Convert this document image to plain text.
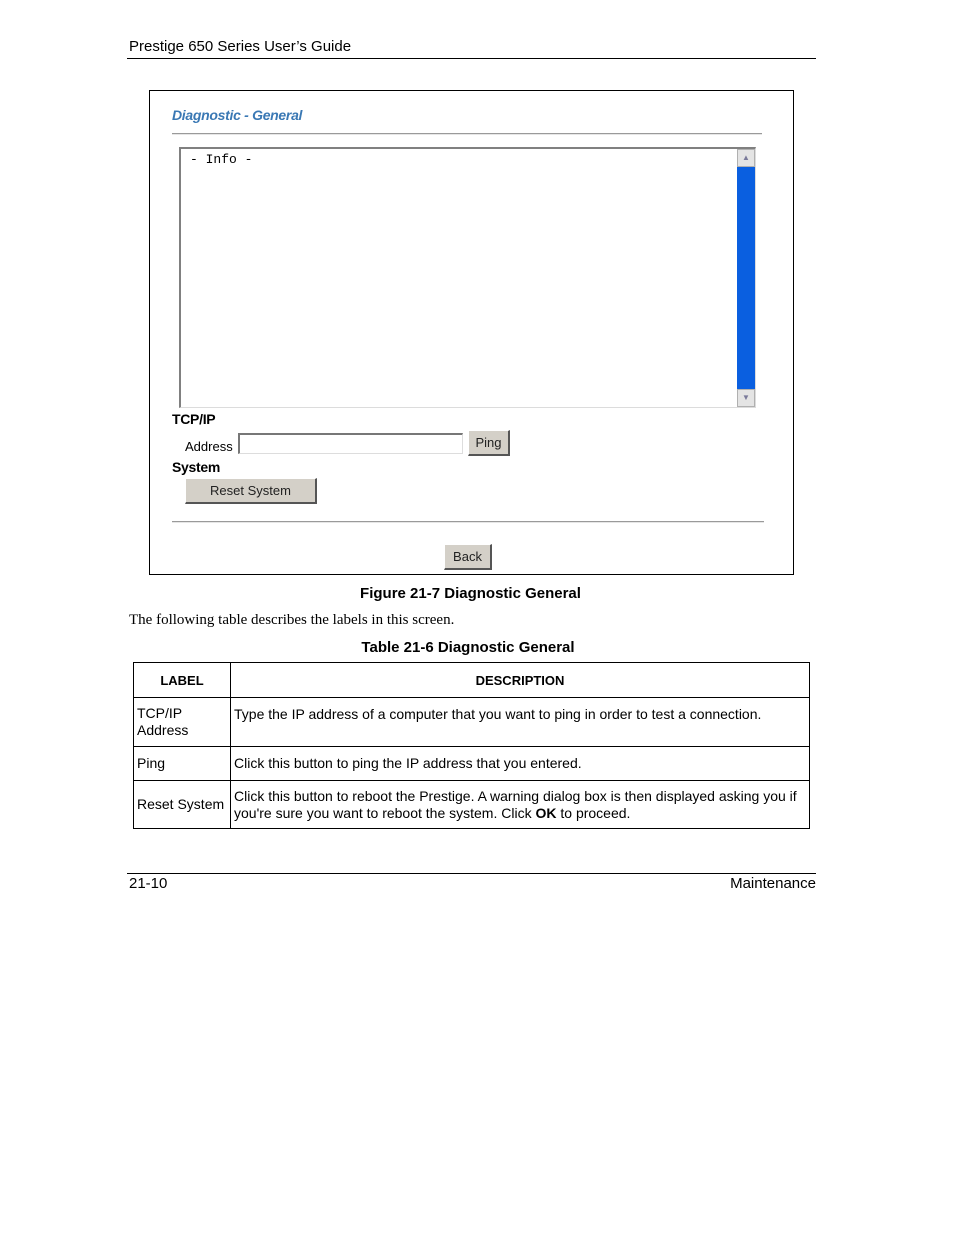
Prestige 650 Series User’s Guide
Diagnostic - General
- Info -	▲
▼
TCP/IP
Address	Ping
System
Reset System
Back
Figure 21-7 Diagnostic General
The following table describes the labels in this screen.
Table 21-6 Diagnostic General
LABEL	DESCRIPTION
TCP/IP
Address	Type the IP address of a computer that you want to ping in order to test a connection.
Ping	Click this button to ping the IP address that you entered.
Reset System	Click this button to reboot the Prestige. A warning dialog box is then displayed asking you if you're sure you want to reboot the system. Click OK to proceed.
21-10	Maintenance
